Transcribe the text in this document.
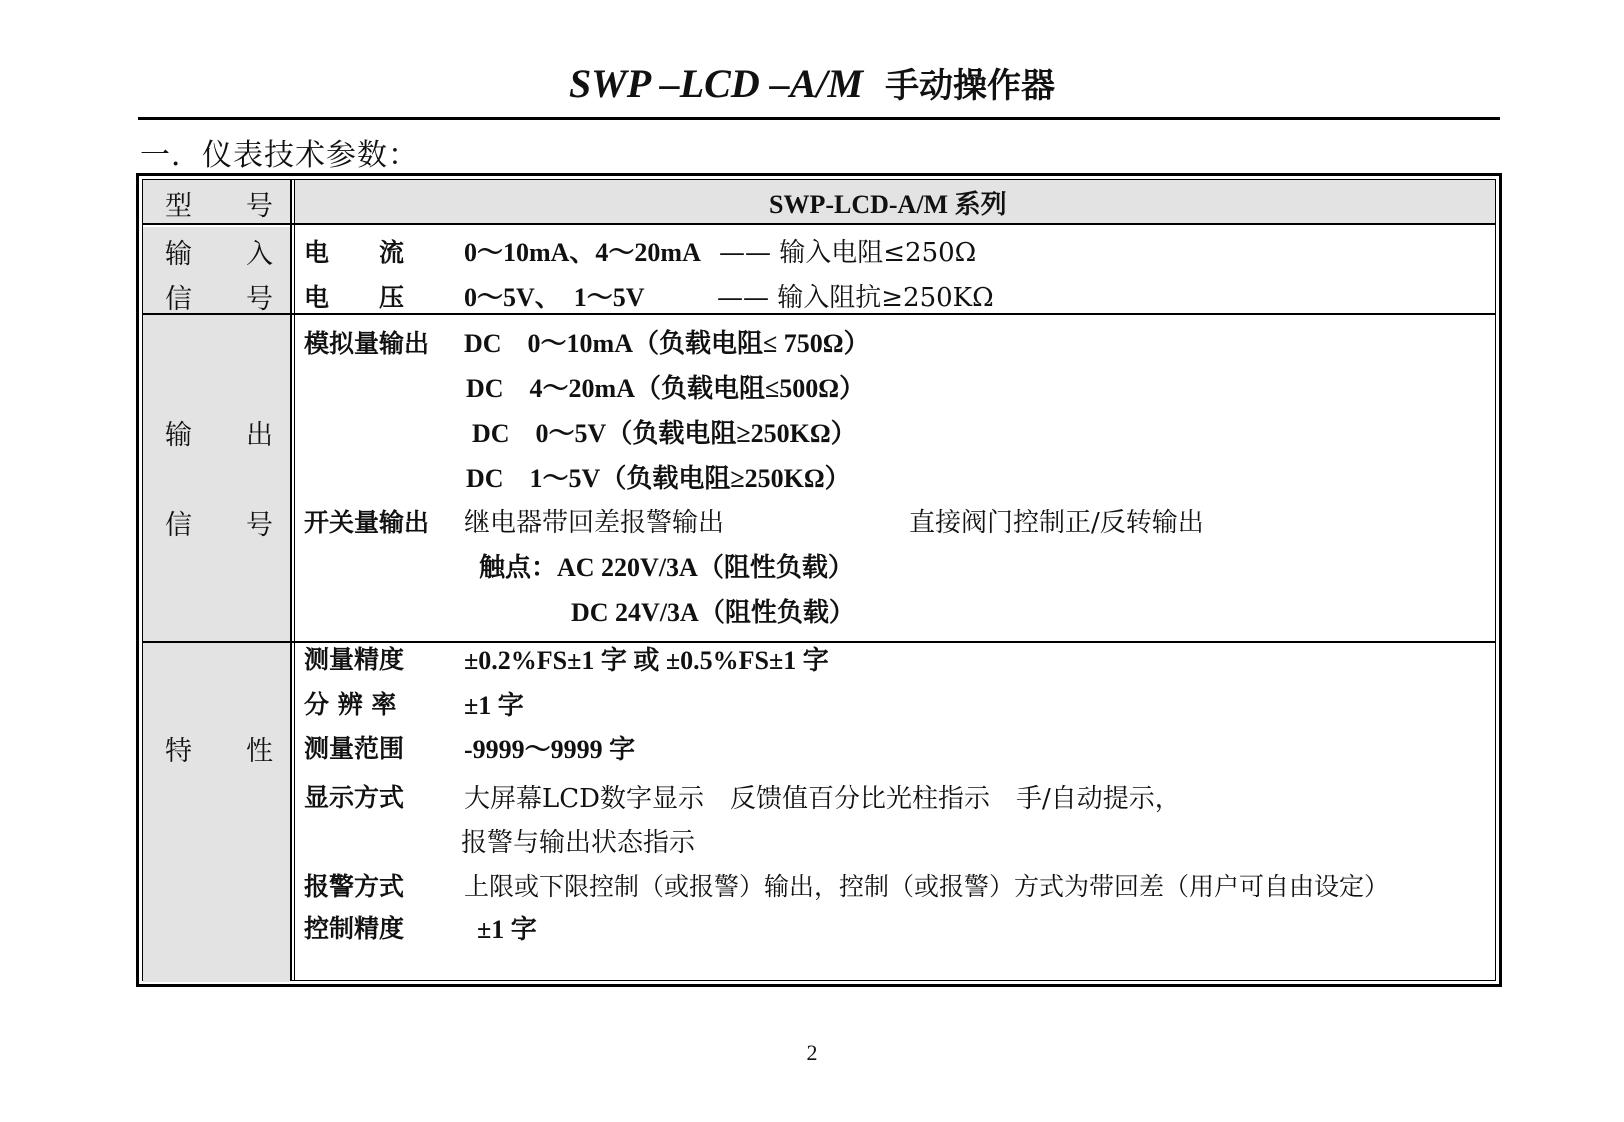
SWP –LCD –A/M 手动操作器
一．仪表技术参数：
型　　号	SWP-LCD-A/M 系列
输　　入
信　　号
电　　流 0～10mA、4～20mA —— 输入电阻≤250Ω
电　　压 0～5V、　1～5V	—— 输入阻抗≥250KΩ
输　　出
信　　号
模拟量输出 DC　0～10mA（负载电阻≤ 750Ω）
DC　4～20mA（负载电阻≤500Ω）
DC　0～5V（负载电阻≥250KΩ）
DC　1～5V（负载电阻≥250KΩ）
开关量输出 继电器带回差报警输出	直接阀门控制正/反转输出
触点：AC 220V/3A（阻性负载）
DC 24V/3A（阻性负载）
特　　性
测量精度 ±0.2%FS±1 字 或 ±0.5%FS±1 字
分 辨 率	±1 字
测量范围 -9999～9999 字
显示方式 大屏幕LCD数字显示　反馈值百分比光柱指示　手/自动提示，
报警与输出状态指示
报警方式 上限或下限控制（或报警）输出，控制（或报警）方式为带回差（用户可自由设定）
控制精度	±1 字
2
